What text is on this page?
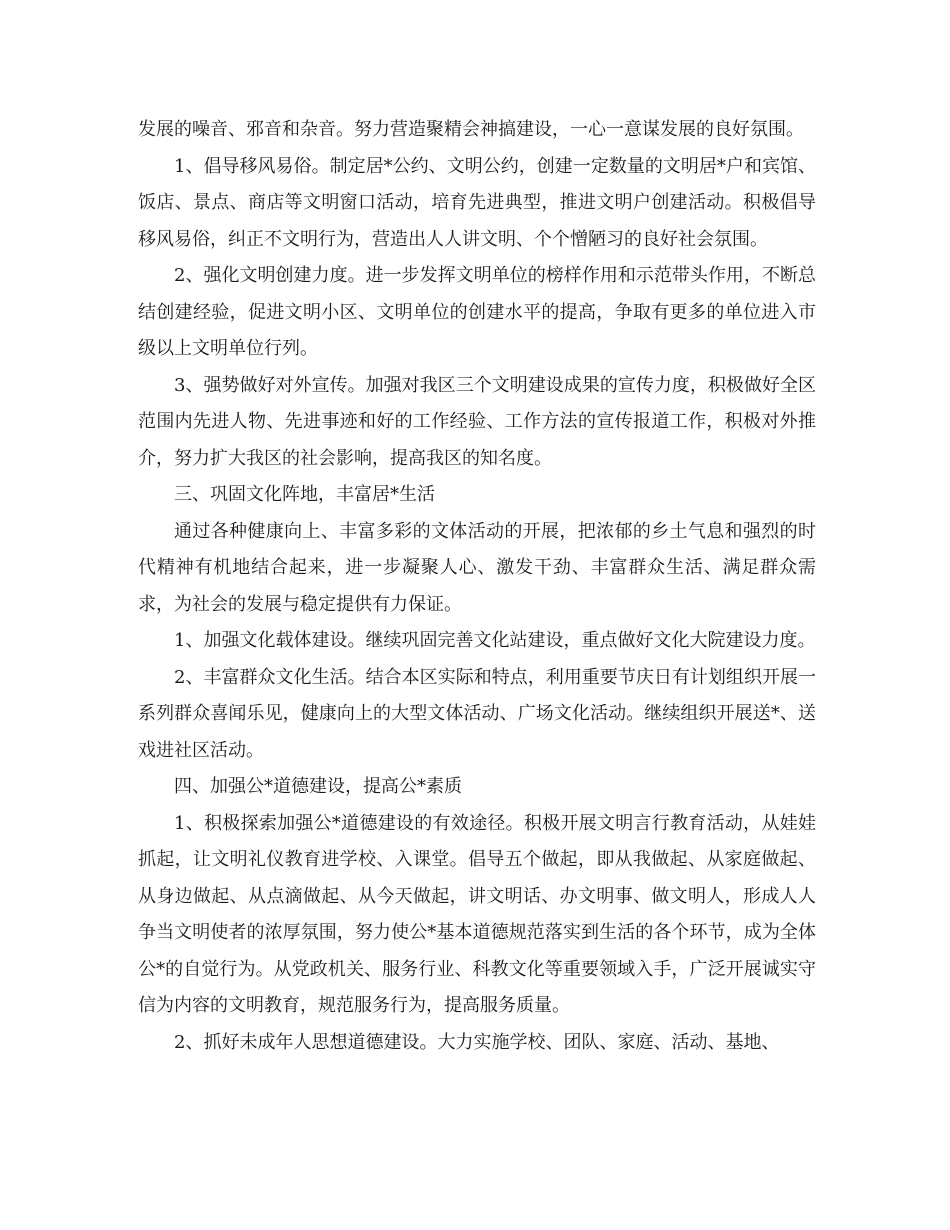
发展的噪音、邪音和杂音。努力营造聚精会神搞建设，一心一意谋发展的良好氛围。

1、倡导移风易俗。制定居*公约、文明公约，创建一定数量的文明居*户和宾馆、饭店、景点、商店等文明窗口活动，培育先进典型，推进文明户创建活动。积极倡导移风易俗，纠正不文明行为，营造出人人讲文明、个个憎陋习的良好社会氛围。

2、强化文明创建力度。进一步发挥文明单位的榜样作用和示范带头作用，不断总结创建经验，促进文明小区、文明单位的创建水平的提高，争取有更多的单位进入市级以上文明单位行列。

3、强势做好对外宣传。加强对我区三个文明建设成果的宣传力度，积极做好全区范围内先进人物、先进事迹和好的工作经验、工作方法的宣传报道工作，积极对外推介，努力扩大我区的社会影响，提高我区的知名度。

三、巩固文化阵地，丰富居*生活

通过各种健康向上、丰富多彩的文体活动的开展，把浓郁的乡土气息和强烈的时代精神有机地结合起来，进一步凝聚人心、激发干劲、丰富群众生活、满足群众需求，为社会的发展与稳定提供有力保证。

1、加强文化载体建设。继续巩固完善文化站建设，重点做好文化大院建设力度。

2、丰富群众文化生活。结合本区实际和特点，利用重要节庆日有计划组织开展一系列群众喜闻乐见，健康向上的大型文体活动、广场文化活动。继续组织开展送*、送戏进社区活动。

四、加强公*道德建设，提高公*素质

1、积极探索加强公*道德建设的有效途径。积极开展文明言行教育活动，从娃娃抓起，让文明礼仪教育进学校、入课堂。倡导五个做起，即从我做起、从家庭做起、从身边做起、从点滴做起、从今天做起，讲文明话、办文明事、做文明人，形成人人争当文明使者的浓厚氛围，努力使公*基本道德规范落实到生活的各个环节，成为全体公*的自觉行为。从党政机关、服务行业、科教文化等重要领域入手，广泛开展诚实守信为内容的文明教育，规范服务行为，提高服务质量。

2、抓好未成年人思想道德建设。大力实施学校、团队、家庭、活动、基地、
